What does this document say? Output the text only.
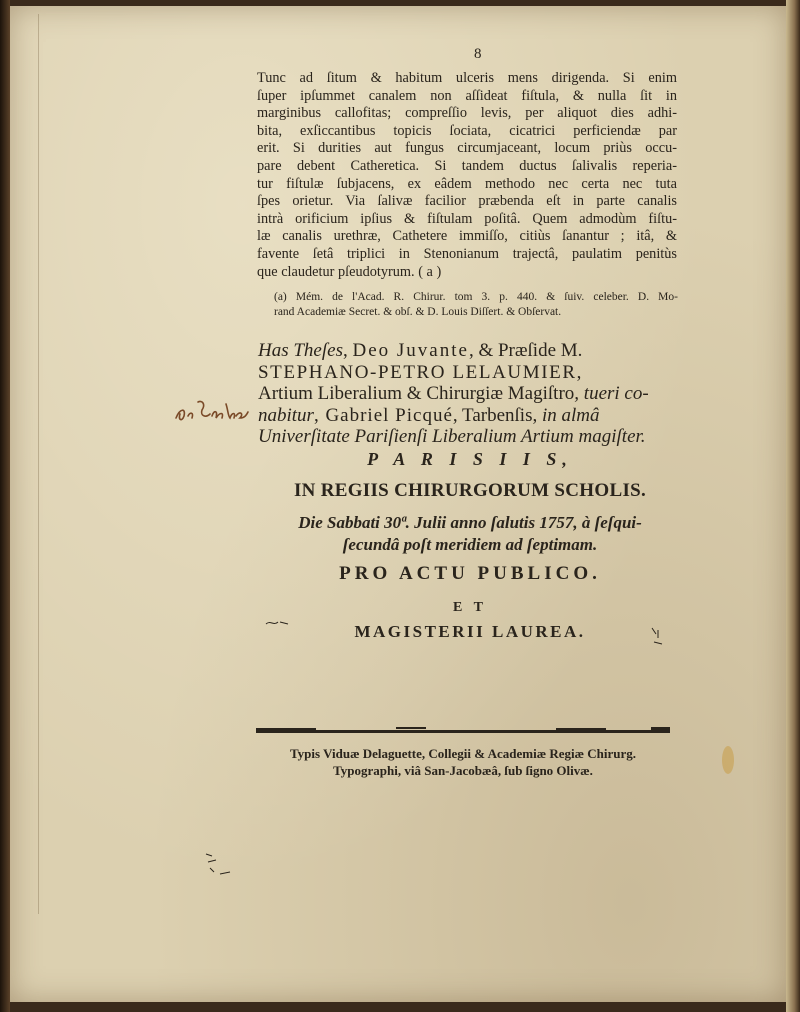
8
Tunc ad ſitum & habitum ulceris mens dirigenda. Si enim
ſuper ipſummet canalem non aſſideat fiſtula, & nulla ſit in
marginibus callofitas; compreſſio levis, per aliquot dies adhi-
bita, exſiccantibus topicis ſociata, cicatrici perficiendæ par
erit. Si durities aut fungus circumjaceant, locum priùs occu-
pare debent Catheretica. Si tandem ductus ſalivalis reperia-
tur fiſtulæ ſubjacens, ex eâdem methodo nec certa nec tuta
ſpes orietur. Via ſalivæ facilior præbenda eſt in parte canalis
intrà orificium ipſius & fiſtulam poſitâ. Quem admodùm fiſtu-
læ canalis urethræ, Cathetere immiſſo, citiùs ſanantur ; itâ, &
favente ſetâ triplici in Stenonianum trajectâ, paulatim penitùs
que claudetur pſeudotyrum. ( a )
(a) Mém. de l'Acad. R. Chirur. tom 3. p. 440. & ſuiv. celeber. D. Mo-
rand Academiæ Secret. & obſ. & D. Louis Diſſert. & Obſervat.
Has Theſes, Deo Juvante, & Præſide M.
STEPHANO-PETRO LELAUMIER,
Artium Liberalium & Chirurgiæ Magiſtro, tueri co-
nabitur, Gabriel Picqué, Tarbenſis, in almâ
Univerſitate Pariſienſi Liberalium Artium magiſter.
P A R I S I I S,
IN REGIIS CHIRURGORUM SCHOLIS.
Die Sabbati 30ª. Julii anno ſalutis 1757, à ſeſqui-
ſecundâ poſt meridiem ad ſeptimam.
PRO ACTU PUBLICO.
E T
MAGISTERII LAUREA.
Typis Viduæ Delaguette, Collegii & Academiæ Regiæ Chirurg.
Typographi, viâ San-Jacobæâ, ſub ſigno Olivæ.
